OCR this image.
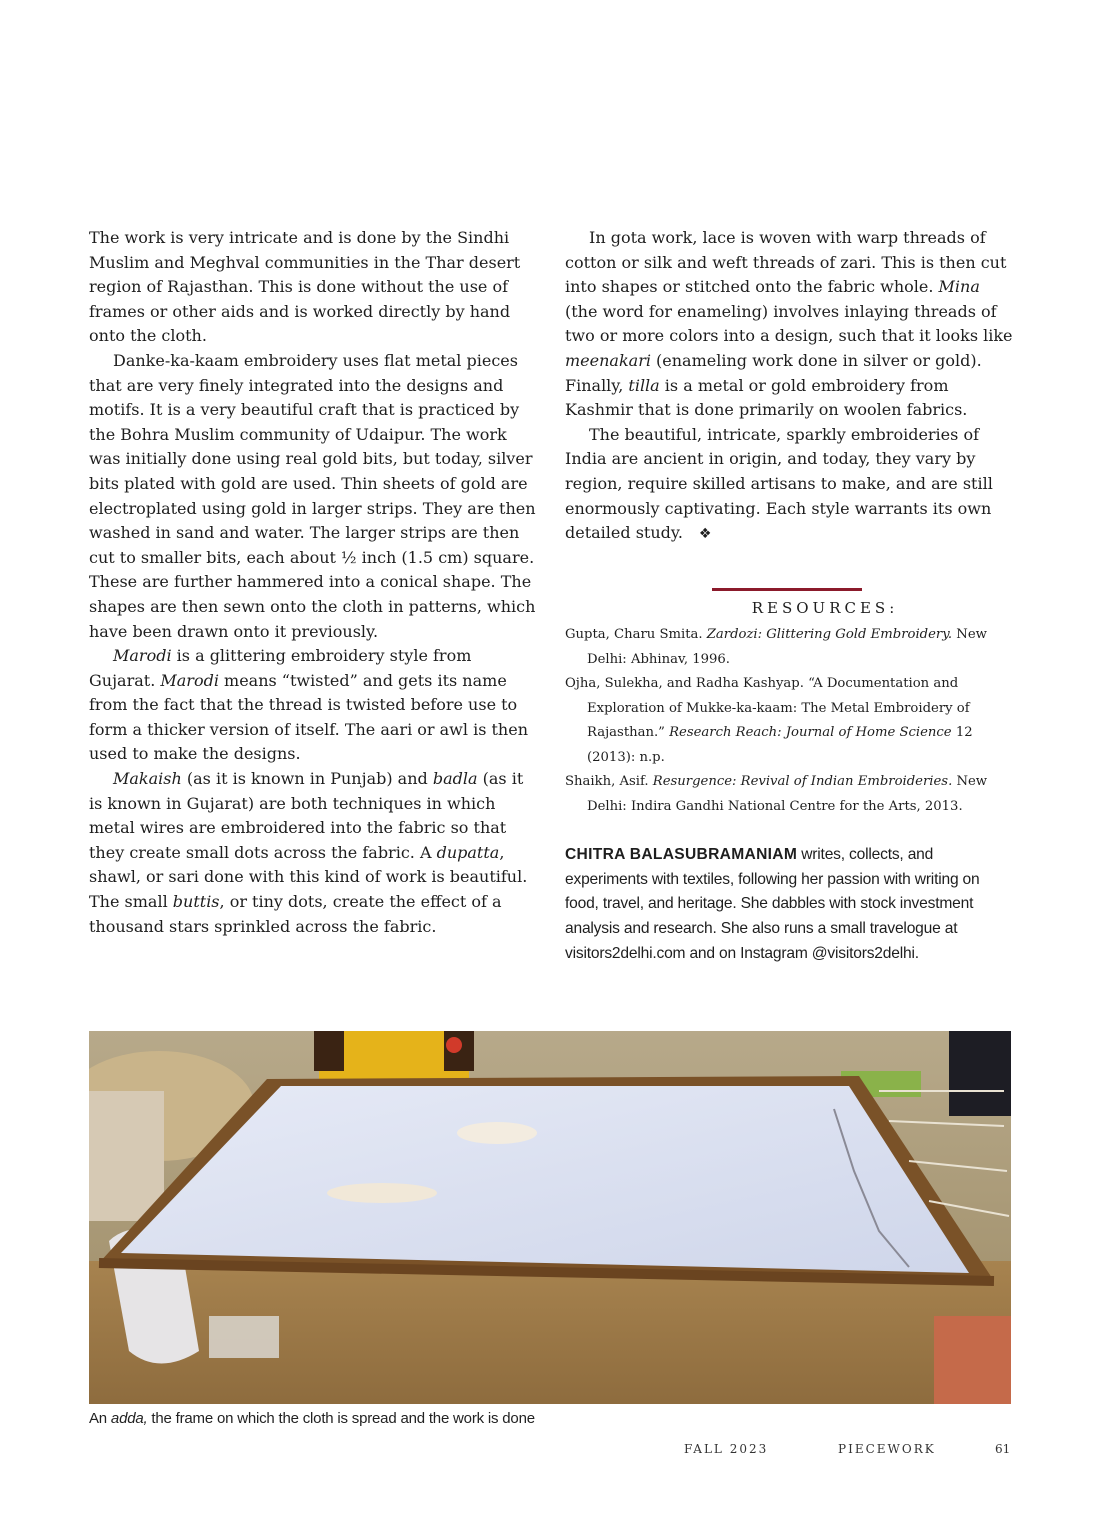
The work is very intricate and is done by the Sindhi Muslim and Meghval communities in the Thar desert region of Rajasthan. This is done without the use of frames or other aids and is worked directly by hand onto the cloth.

Danke-ka-kaam embroidery uses flat metal pieces that are very finely integrated into the designs and motifs. It is a very beautiful craft that is practiced by the Bohra Muslim community of Udaipur. The work was initially done using real gold bits, but today, silver bits plated with gold are used. Thin sheets of gold are electroplated using gold in larger strips. They are then washed in sand and water. The larger strips are then cut to smaller bits, each about ½ inch (1.5 cm) square. These are further hammered into a conical shape. The shapes are then sewn onto the cloth in patterns, which have been drawn onto it previously.

Marodi is a glittering embroidery style from Gujarat. Marodi means “twisted” and gets its name from the fact that the thread is twisted before use to form a thicker version of itself. The aari or awl is then used to make the designs.

Makaish (as it is known in Punjab) and badla (as it is known in Gujarat) are both techniques in which metal wires are embroidered into the fabric so that they create small dots across the fabric. A dupatta, shawl, or sari done with this kind of work is beautiful. The small buttis, or tiny dots, create the effect of a thousand stars sprinkled across the fabric.

In gota work, lace is woven with warp threads of cotton or silk and weft threads of zari. This is then cut into shapes or stitched onto the fabric whole. Mina (the word for enameling) involves inlaying threads of two or more colors into a design, such that it looks like meenakari (enameling work done in silver or gold). Finally, tilla is a metal or gold embroidery from Kashmir that is done primarily on woolen fabrics.

The beautiful, intricate, sparkly embroideries of India are ancient in origin, and today, they vary by region, require skilled artisans to make, and are still enormously captivating. Each style warrants its own detailed study. ❖

RESOURCES:
Gupta, Charu Smita. Zardozi: Glittering Gold Embroidery. New Delhi: Abhinav, 1996.
Ojha, Sulekha, and Radha Kashyap. “A Documentation and Exploration of Mukke-ka-kaam: The Metal Embroidery of Rajasthan.” Research Reach: Journal of Home Science 12 (2013): n.p.
Shaikh, Asif. Resurgence: Revival of Indian Embroideries. New Delhi: Indira Gandhi National Centre for the Arts, 2013.
CHITRA BALASUBRAMANIAM writes, collects, and experiments with textiles, following her passion with writing on food, travel, and heritage. She dabbles with stock investment analysis and research. She also runs a small travelogue at visitors2delhi.com and on Instagram @visitors2delhi.
An adda, the frame on which the cloth is spread and the work is done
FALL 2023	PIECEWORK	61
